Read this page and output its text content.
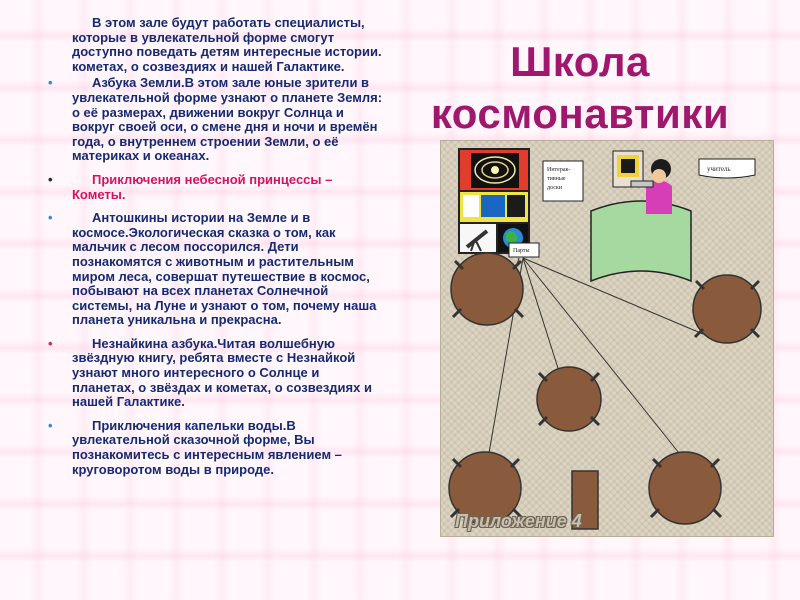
Школа космонавтики
В этом зале будут работать специалисты, которые в увлекательной форме смогут доступно поведать детям интересные истории. кометах, о созвездиях и нашей Галактике.
•	Азбука Земли.В этом зале юные зрители в увлекательной форме узнают о планете Земля: о её размерах, движении вокруг Солнца и вокруг своей оси, о смене дня и ночи и времён года, о внутреннем строении Земли, о её материках и океанах.
•	Приключения небесной принцессы – Кометы.
•	Антошкины истории на Земле и в космосе.Экологическая сказка о том, как мальчик с лесом поссорился. Дети познакомятся с животным и растительным миром леса, совершат путешествие в космос, побывают на всех планетах Солнечной системы, на Луне и узнают о том, почему наша планета уникальна и прекрасна.
•	Незнайкина азбука.Читая волшебную звёздную книгу, ребята вместе с Незнайкой узнают много интересного о Солнце и планетах, о звёздах и кометах, о созвездиях и нашей Галактике.
•	Приключения капельки воды.В увлекательной сказочной форме, Вы познакомитесь с интересным явлением – круговоротом воды в природе.
Интерак-
тивные
доски
учитель
Парты
Приложение 4
